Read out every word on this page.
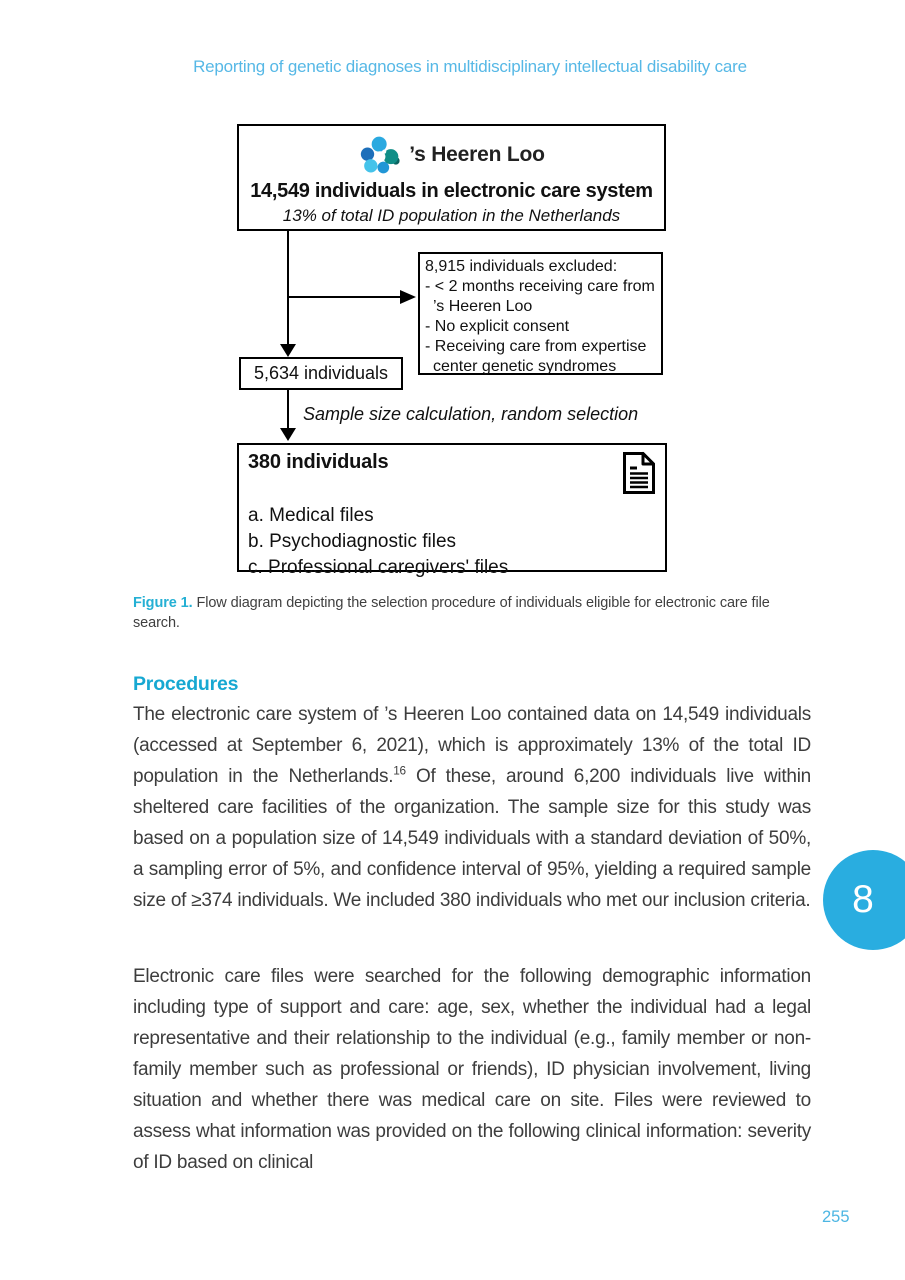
Reporting of genetic diagnoses in multidisciplinary intellectual disability care
’s Heeren Loo
14,549 individuals in electronic care system
13% of total ID population in the Netherlands
8,915 individuals excluded:
- < 2 months receiving care from
’s Heeren Loo
- No explicit consent
- Receiving care from expertise
center genetic syndromes
5,634 individuals
Sample size calculation, random selection
380 individuals
a. Medical files
b. Psychodiagnostic files
c. Professional caregivers' files
Figure 1. Flow diagram depicting the selection procedure of individuals eligible for electronic care file search.
Procedures

The electronic care system of ’s Heeren Loo contained data on 14,549 individuals (accessed at September 6, 2021), which is approximately 13% of the total ID population in the Netherlands.$^{16}$ Of these, around 6,200 individuals live within sheltered care facilities of the organization. The sample size for this study was based on a population size of 14,549 individuals with a standard deviation of 50%, a sampling error of 5%, and confidence interval of 95%, yielding a required sample size of ≥374 individuals. We included 380 individuals who met our inclusion criteria.

Electronic care files were searched for the following demographic information including type of support and care: age, sex, whether the individual had a legal representative and their relationship to the individual (e.g., family member or non-family member such as professional or friends), ID physician involvement, living situation and whether there was medical care on site. Files were reviewed to assess what information was provided on the following clinical information: severity of ID based on clinical

8
255
